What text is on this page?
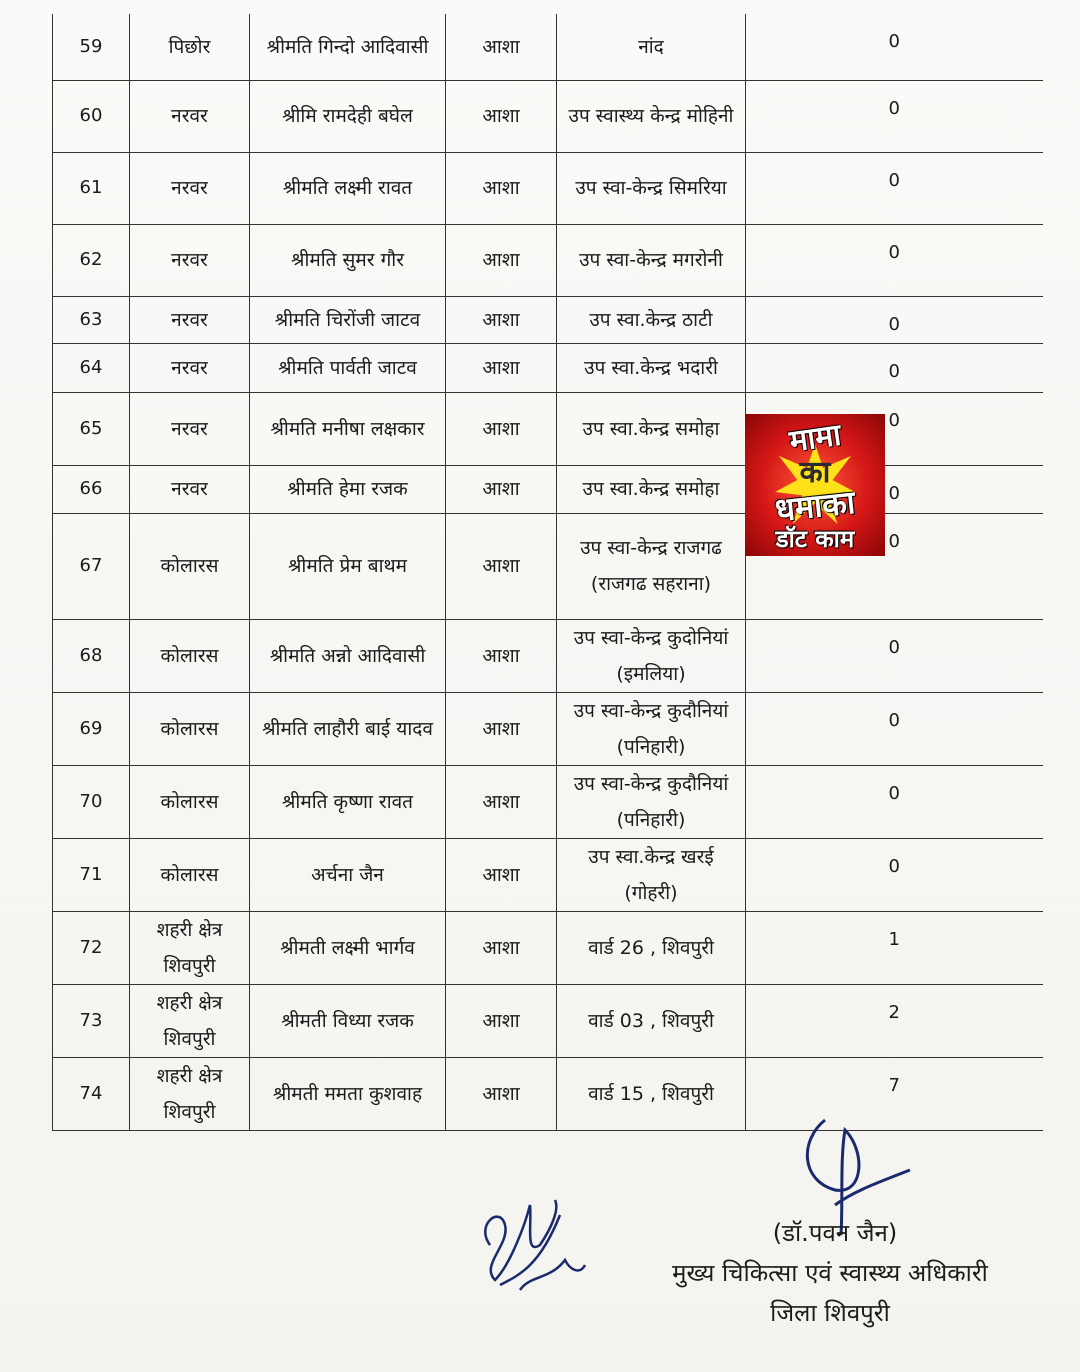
59	पिछोर	श्रीमति गिन्दो आदिवासी	आशा	नांद	0
60	नरवर	श्रीमि रामदेही बघेल	आशा	उप स्वास्थ्य केन्द्र मोहिनी	0
61	नरवर	श्रीमति लक्ष्मी रावत	आशा	उप स्वा-केन्द्र सिमरिया	0
62	नरवर	श्रीमति सुमर गौर	आशा	उप स्वा-केन्द्र मगरोनी	0
63	नरवर	श्रीमति चिरोंजी जाटव	आशा	उप स्वा.केन्द्र ठाटी	0
64	नरवर	श्रीमति पार्वती जाटव	आशा	उप स्वा.केन्द्र भदारी	0
65	नरवर	श्रीमति मनीषा लक्षकार	आशा	उप स्वा.केन्द्र समोहा	0
66	नरवर	श्रीमति हेमा रजक	आशा	उप स्वा.केन्द्र समोहा	0
67	कोलारस	श्रीमति प्रेम बाथम	आशा	उप स्वा-केन्द्र राजगढ (राजगढ सहराना)	0
68	कोलारस	श्रीमति अन्नो आदिवासी	आशा	उप स्वा-केन्द्र कुदोनियां (इमलिया)	0
69	कोलारस	श्रीमति लाहौरी बाई यादव	आशा	उप स्वा-केन्द्र कुदौनियां (पनिहारी)	0
70	कोलारस	श्रीमति कृष्णा रावत	आशा	उप स्वा-केन्द्र कुदौनियां (पनिहारी)	0
71	कोलारस	अर्चना जैन	आशा	उप स्वा.केन्द्र खरई (गोहरी)	0
72	शहरी क्षेत्र शिवपुरी	श्रीमती लक्ष्मी भार्गव	आशा	वार्ड 26 , शिवपुरी	1
73	शहरी क्षेत्र शिवपुरी	श्रीमती विध्या रजक	आशा	वार्ड 03 , शिवपुरी	2
74	शहरी क्षेत्र शिवपुरी	श्रीमती ममता कुशवाह	आशा	वार्ड 15 , शिवपुरी	7
मामा
का
धमाका
डॉट काम
(डॉ.पवन जैन)
मुख्य चिकित्सा एवं स्वास्थ्य अधिकारी
जिला शिवपुरी
